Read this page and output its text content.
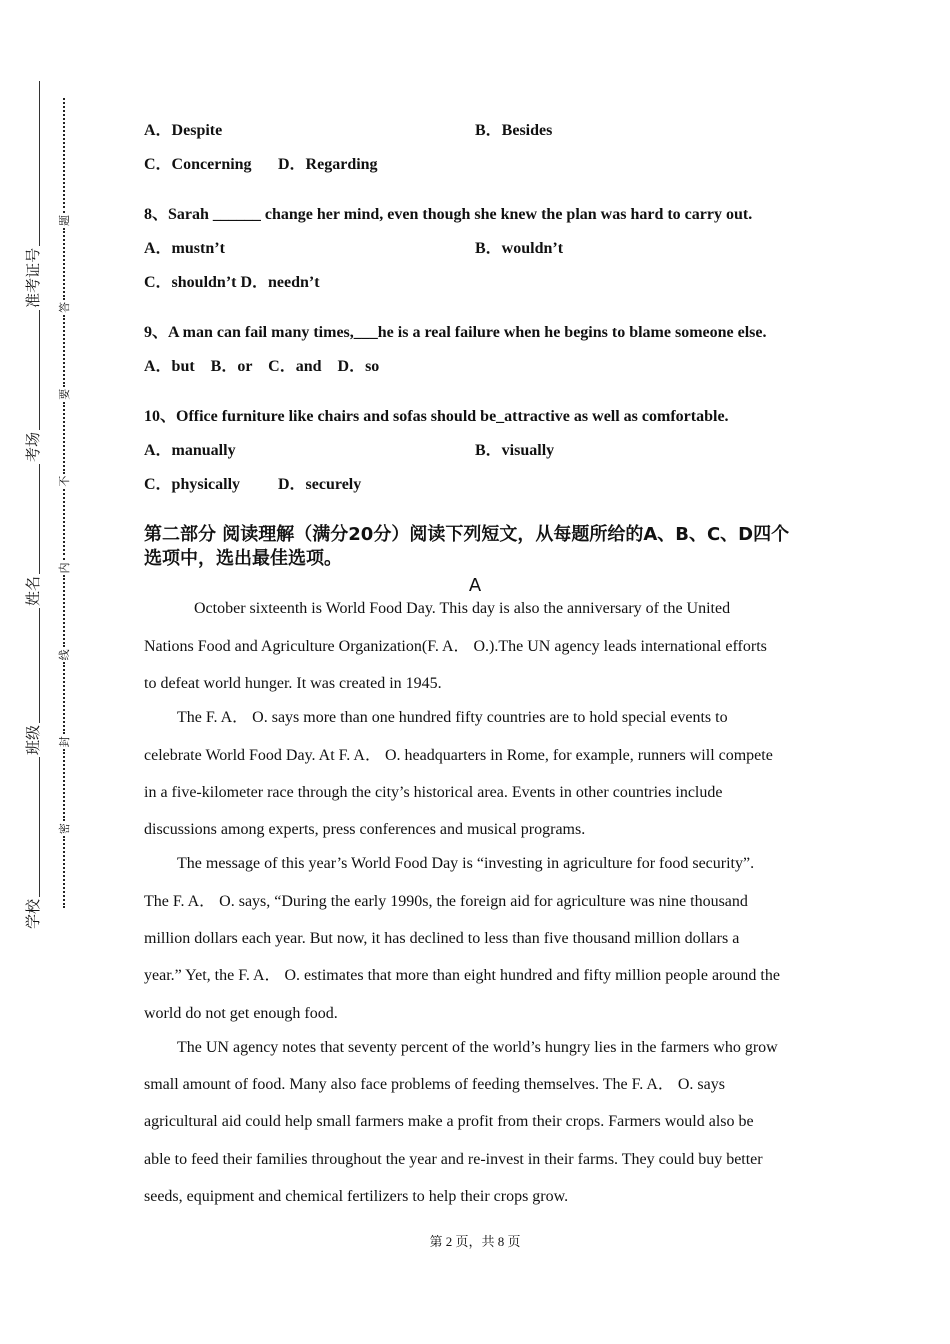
学校
班级
姓名
考场
准考证号
密
封
线
内
不
要
答
题
A．Despite	B．Besides
C．Concerning D．Regarding
8、Sarah ______ change her mind, even though she knew the plan was hard to carry out.
A．mustn’t	B．wouldn’t
C．shouldn’t D．needn’t
9、A man can fail many times,___he is a real failure when he begins to blame someone else.
A．but    B．or    C．and    D．so
10、Office furniture like chairs and sofas should be_attractive as well as comfortable.
A．manually	B．visually
C．physically D．securely
第二部分 阅读理解（满分20分）阅读下列短文，从每题所给的A、B、C、D四个
选项中，选出最佳选项。
A
October sixteenth is World Food Day. This day is also the anniversary of the United
Nations Food and Agriculture Organization(F. A． O.).The UN agency leads international efforts
to defeat world hunger. It was created in 1945.
The F. A． O. says more than one hundred fifty countries are to hold special events to
celebrate World Food Day. At F. A． O. headquarters in Rome, for example, runners will compete
in a five-kilometer race through the city’s historical area. Events in other countries include
discussions among experts, press conferences and musical programs.
The message of this year’s World Food Day is “investing in agriculture for food security”.
The F. A． O. says, “During the early 1990s, the foreign aid for agriculture was nine thousand
million dollars each year. But now, it has declined to less than five thousand million dollars a
year.” Yet, the F. A． O. estimates that more than eight hundred and fifty million people around the
world do not get enough food.
The UN agency notes that seventy percent of the world’s hungry lies in the farmers who grow
small amount of food. Many also face problems of feeding themselves. The F. A． O. says
agricultural aid could help small farmers make a profit from their crops. Farmers would also be
able to feed their families throughout the year and re-invest in their farms. They could buy better
seeds, equipment and chemical fertilizers to help their crops grow.
第 2 页，共 8 页
